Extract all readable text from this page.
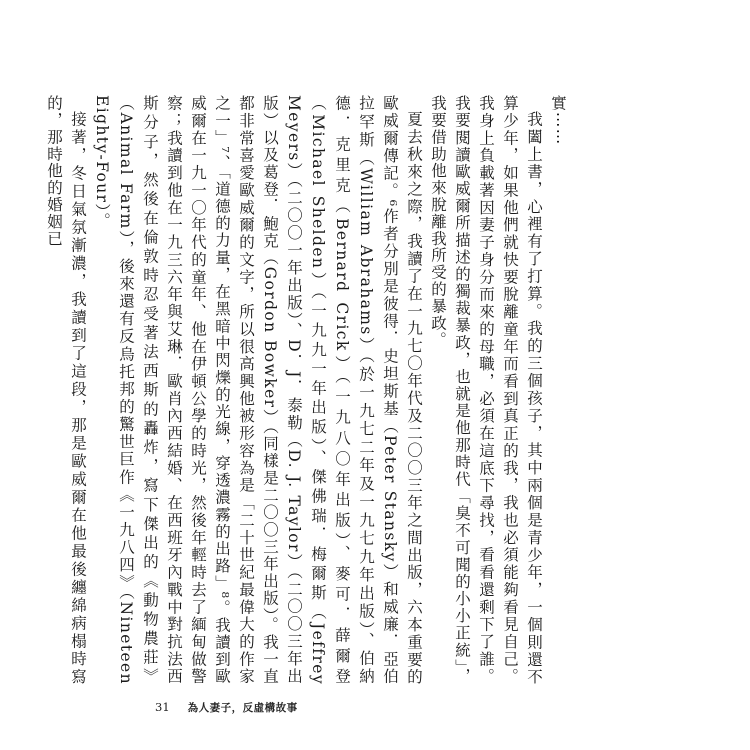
實⋯⋯

我闔上書，心裡有了打算。我的三個孩子，其中兩個是青少年，一個則還不算少年，如果他們就快要脫離童年而看到真正的我，我也必須能夠看見自己。我身上負載著因妻子身分而來的母職，必須在這底下尋找，看看還剩下了誰。我要閱讀歐威爾所描述的獨裁暴政，也就是他那時代「臭不可聞的小小正統」，我要借助他來脫離我所受的暴政。

夏去秋來之際，我讀了在一九七〇年代及二〇〇三年之間出版，六本重要的歐威爾傳記。⁶作者分別是彼得．史坦斯基（Peter Stansky）和威廉．亞伯拉罕斯（William Abrahams）（於一九七二年及一九七九年出版）、伯納德．克里克（Bernard Crick）（一九八〇年出版）、麥可．薛爾登（Michael Shelden）（一九九一年出版）、傑佛瑞．梅爾斯（Jeffrey Meyers）（二〇〇一年出版）、D．J．泰勒（D. J. Taylor）（二〇〇三年出版）以及葛登．鮑克（Gordon Bowker）（同樣是二〇〇三年出版）。我一直都非常喜愛歐威爾的文字，所以很高興他被形容為是「二十世紀最偉大的作家之一」⁷、「道德的力量，在黑暗中閃爍的光線，穿透濃霧的出路」⁸。我讀到歐威爾在一九一〇年代的童年、他在伊頓公學的時光，然後年輕時去了緬甸做警察；我讀到他在一九三六年與艾琳．歐肖內西結婚、在西班牙內戰中對抗法西斯分子，然後在倫敦時忍受著法西斯的轟炸，寫下傑出的《動物農莊》（Animal Farm），後來還有反烏托邦的驚世巨作《一九八四》（Nineteen Eighty-Four）。

接著，冬日氣氛漸濃，我讀到了這段，那是歐威爾在他最後纏綿病榻時寫的，那時他的婚姻已

31 為人妻子，反虛構故事
